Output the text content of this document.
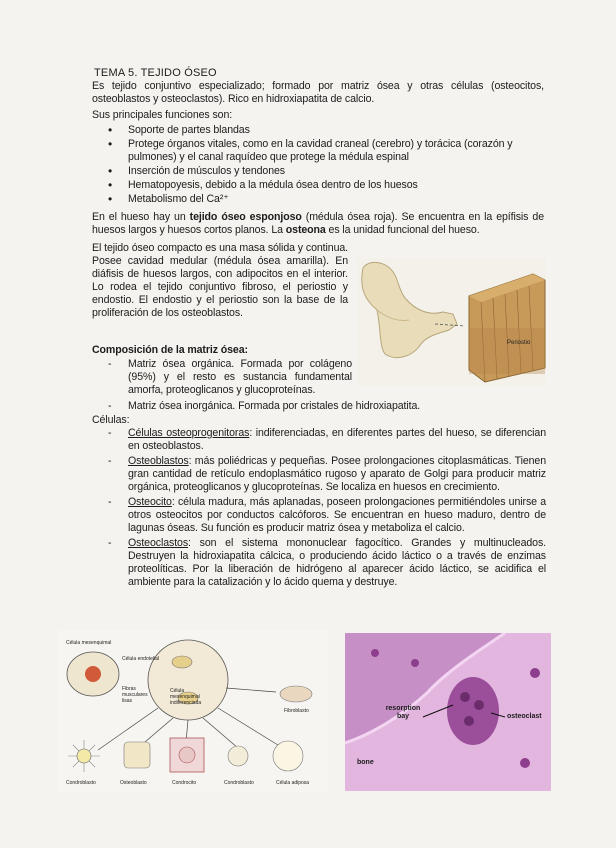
TEMA 5. TEJIDO ÓSEO
Es tejido conjuntivo especializado; formado por matriz ósea y otras células (osteocitos, osteoblastos y osteoclastos). Rico en hidroxiapatita de calcio.
Sus principales funciones son:
• Soporte de partes blandas
• Protege órganos vitales, como en la cavidad craneal (cerebro) y torácica (corazón y pulmones) y el canal raquídeo que protege la médula espinal
• Inserción de músculos y tendones
• Hematopoyesis, debido a la médula ósea dentro de los huesos
• Metabolismo del Ca²⁺
En el hueso hay un tejido óseo esponjoso (médula ósea roja). Se encuentra en la epífisis de huesos largos y huesos cortos planos. La osteona es la unidad funcional del hueso.
El tejido óseo compacto es una masa sólida y continua. Posee cavidad medular (médula ósea amarilla). En diáfisis de huesos largos, con adipocitos en el interior. Lo rodea el tejido conjuntivo fibroso, el periostio y endostio. El endostio y el periostio son la base de la proliferación de los osteoblastos.
Periostio
Composición de la matriz ósea:
- Matriz ósea orgánica. Formada por colágeno (95%) y el resto es sustancia fundamental amorfa, proteoglicanos y glucoproteínas.
- Matriz ósea inorgánica. Formada por cristales de hidroxiapatita.
Células:
- Células osteoprogenitoras: indiferenciadas, en diferentes partes del hueso, se diferencian en osteoblastos.
- Osteoblastos: más poliédricas y pequeñas. Posee prolongaciones citoplasmáticas. Tienen gran cantidad de retículo endoplasmático rugoso y aparato de Golgi para producir matriz orgánica, proteoglicanos y glucoproteínas. Se localiza en huesos en crecimiento.
- Osteocito: célula madura, más aplanadas, poseen prolongaciones permitiéndoles unirse a otros osteocitos por conductos calcóforos. Se encuentran en hueso maduro, dentro de lagunas óseas. Su función es producir matriz ósea y metaboliza el calcio.
- Osteoclastos: son el sistema mononuclear fagocítico. Grandes y multinucleados. Destruyen la hidroxiapatita cálcica, o produciendo ácido láctico o a través de enzimas proteolíticas. Por la liberación de hidrógeno al aparecer ácido láctico, se acidifica el ambiente para la catalización y lo ácido quema y destruye.
Célula mesenquimal
Célula endotelial
Célula mesenquimal indiferenciada
Fibras musculares lisas
Fibroblasto
Condroblasto	Osteoblasto	Condrocito	Condroblasto	Célula adiposa
resorption bay	osteoclast
bone
